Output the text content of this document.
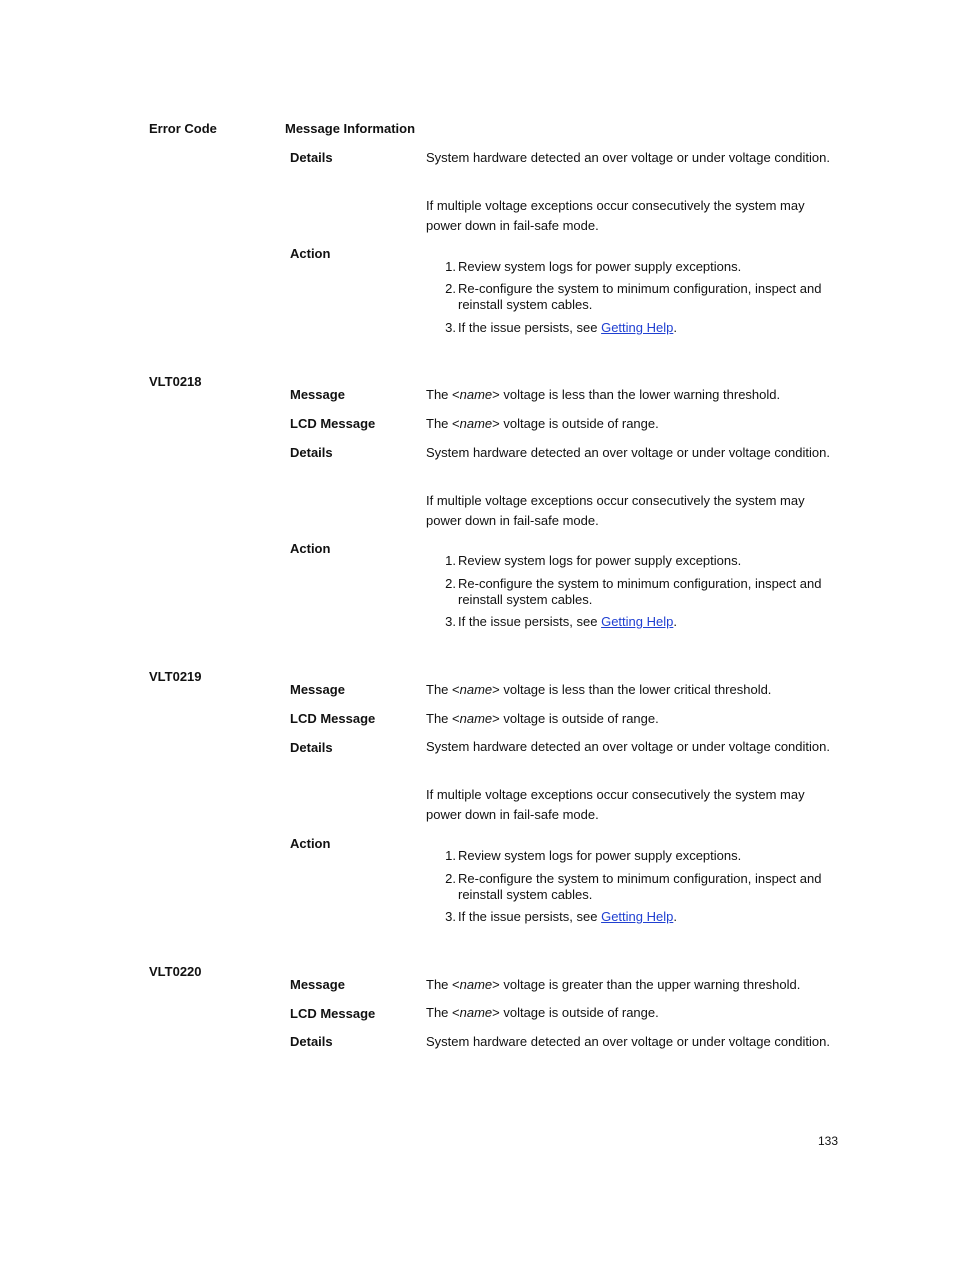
Error Code	Message Information
Details	System hardware detected an over voltage or under voltage condition.
If multiple voltage exceptions occur consecutively the system may power down in fail-safe mode.
Action
1. Review system logs for power supply exceptions.
2. Re-configure the system to minimum configuration, inspect and reinstall system cables.
3. If the issue persists, see Getting Help.
VLT0218
Message	The <name> voltage is less than the lower warning threshold.
LCD Message	The <name> voltage is outside of range.
Details	System hardware detected an over voltage or under voltage condition.
If multiple voltage exceptions occur consecutively the system may power down in fail-safe mode.
Action
1. Review system logs for power supply exceptions.
2. Re-configure the system to minimum configuration, inspect and reinstall system cables.
3. If the issue persists, see Getting Help.
VLT0219
Message	The <name> voltage is less than the lower critical threshold.
LCD Message	The <name> voltage is outside of range.
Details	System hardware detected an over voltage or under voltage condition.
If multiple voltage exceptions occur consecutively the system may power down in fail-safe mode.
Action
1. Review system logs for power supply exceptions.
2. Re-configure the system to minimum configuration, inspect and reinstall system cables.
3. If the issue persists, see Getting Help.
VLT0220
Message	The <name> voltage is greater than the upper warning threshold.
LCD Message	The <name> voltage is outside of range.
Details	System hardware detected an over voltage or under voltage condition.
133
